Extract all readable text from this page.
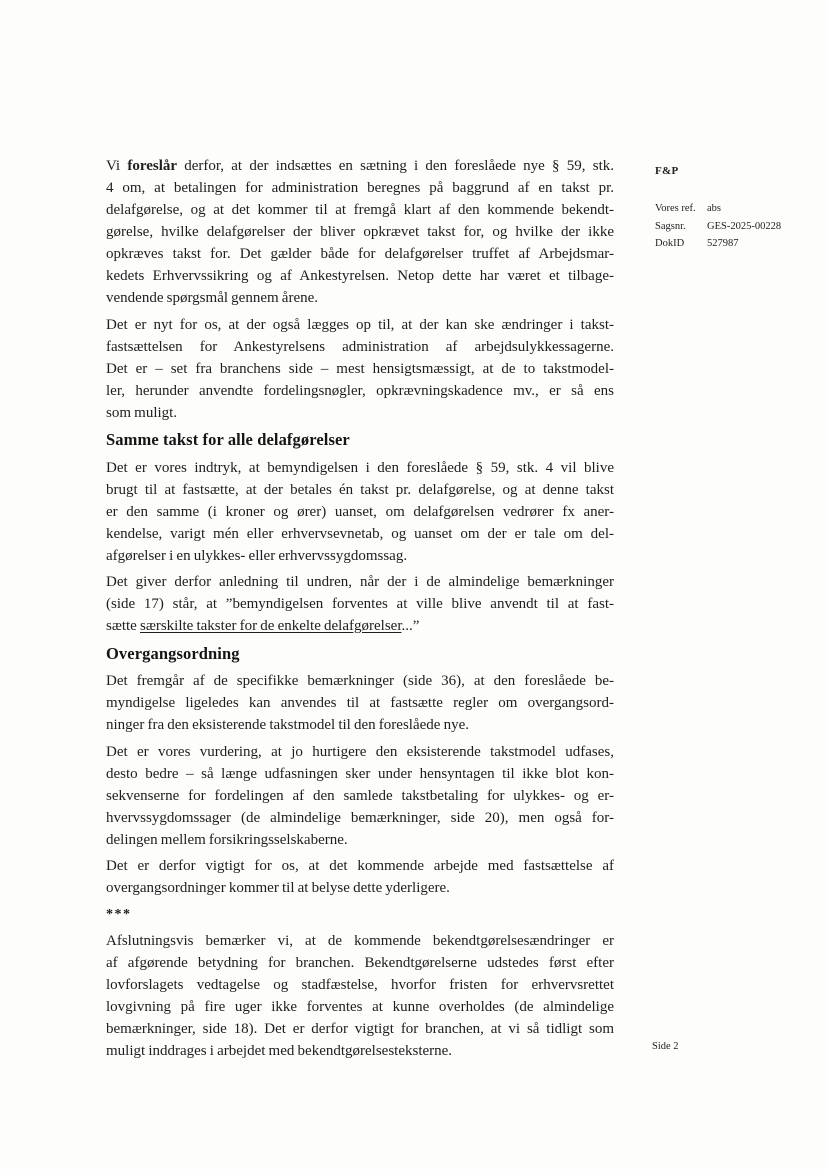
Vi foreslår derfor, at der indsættes en sætning i den foreslåede nye § 59, stk.
4 om, at betalingen for administration beregnes på baggrund af en takst pr.
delafgørelse, og at det kommer til at fremgå klart af den kommende bekendt-
gørelse, hvilke delafgørelser der bliver opkrævet takst for, og hvilke der ikke
opkræves takst for. Det gælder både for delafgørelser truffet af Arbejdsmar-
kedets Erhvervssikring og af Ankestyrelsen. Netop dette har været et tilbage-
vendende spørgsmål gennem årene.
Det er nyt for os, at der også lægges op til, at der kan ske ændringer i takst-
fastsættelsen for Ankestyrelsens administration af arbejdsulykkessagerne.
Det er – set fra branchens side – mest hensigtsmæssigt, at de to takstmodel-
ler, herunder anvendte fordelingsnøgler, opkrævningskadence mv., er så ens
som muligt.
Samme takst for alle delafgørelser
Det er vores indtryk, at bemyndigelsen i den foreslåede § 59, stk. 4 vil blive
brugt til at fastsætte, at der betales én takst pr. delafgørelse, og at denne takst
er den samme (i kroner og ører) uanset, om delafgørelsen vedrører fx aner-
kendelse, varigt mén eller erhvervsevnetab, og uanset om der er tale om del-
afgørelser i en ulykkes- eller erhvervssygdomssag.
Det giver derfor anledning til undren, når der i de almindelige bemærkninger
(side 17) står, at ”bemyndigelsen forventes at ville blive anvendt til at fast-
sætte særskilte takster for de enkelte delafgørelser...”
Overgangsordning
Det fremgår af de specifikke bemærkninger (side 36), at den foreslåede be-
myndigelse ligeledes kan anvendes til at fastsætte regler om overgangsord-
ninger fra den eksisterende takstmodel til den foreslåede nye.
Det er vores vurdering, at jo hurtigere den eksisterende takstmodel udfases,
desto bedre – så længe udfasningen sker under hensyntagen til ikke blot kon-
sekvenserne for fordelingen af den samlede takstbetaling for ulykkes- og er-
hvervssygdomssager (de almindelige bemærkninger, side 20), men også for-
delingen mellem forsikringsselskaberne.
Det er derfor vigtigt for os, at det kommende arbejde med fastsættelse af
overgangsordninger kommer til at belyse dette yderligere.
***
Afslutningsvis bemærker vi, at de kommende bekendtgørelsesændringer er
af afgørende betydning for branchen. Bekendtgørelserne udstedes først efter
lovforslagets vedtagelse og stadfæstelse, hvorfor fristen for erhvervsrettet
lovgivning på fire uger ikke forventes at kunne overholdes (de almindelige
bemærkninger, side 18). Det er derfor vigtigt for branchen, at vi så tidligt som
muligt inddrages i arbejdet med bekendtgørelsesteksterne.
F&P
Vores ref.	abs
Sagsnr.	GES-2025-00228
DokID	527987
Side 2
